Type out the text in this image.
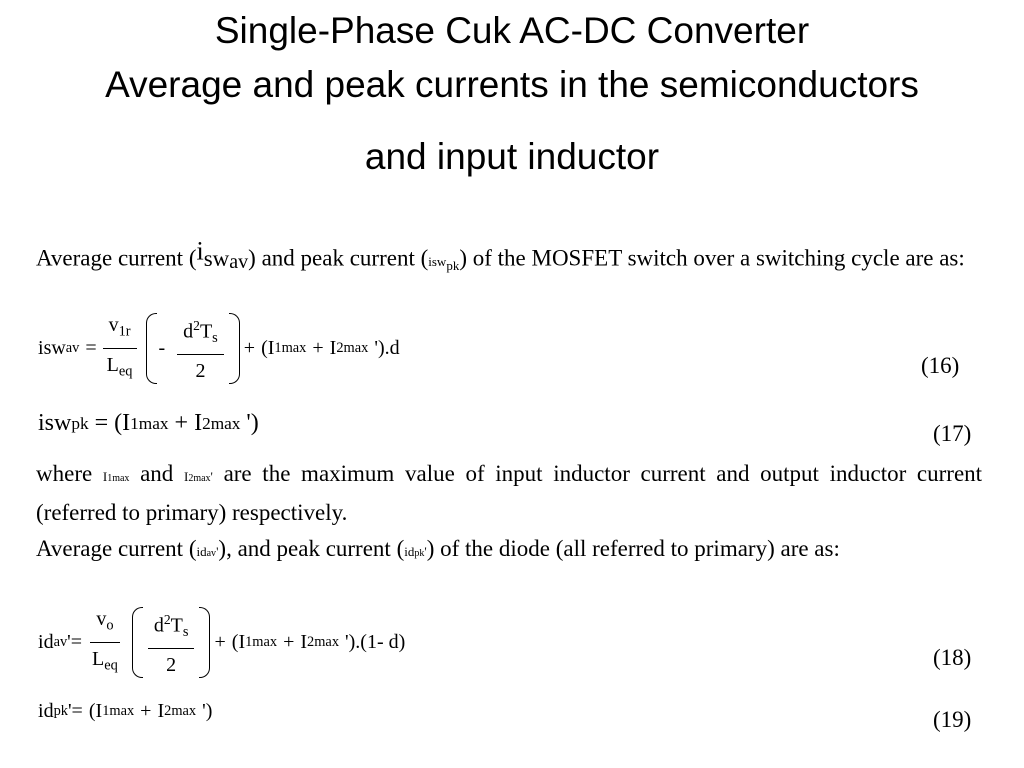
Single-Phase Cuk AC-DC Converter
Average and peak currents in the semiconductors
and input inductor
Average current (iswav) and peak current (iswpk) of the MOSFET switch over a switching cycle are as:
i sw av = $\frac{v_{1r}}{L_{eq}} - \frac{d^2T_s}{2}$ + ( I 1max + I 2max ' ).d
(16)
i sw pk = ( I 1max + I 2max ')	(17)
where I1max and I2max' are the maximum value of input inductor current and output inductor current (referred to primary) respectively.
Average current (idav'), and peak current (idpk') of the diode (all referred to primary) are as:
i d av '= $\frac{v_o}{L_{eq}} \frac{d^2T_s}{2}$ + ( I 1max + I 2max ' ).(1- d)
(18)
i d pk '= ( I 1max + I 2max ')	(19)
